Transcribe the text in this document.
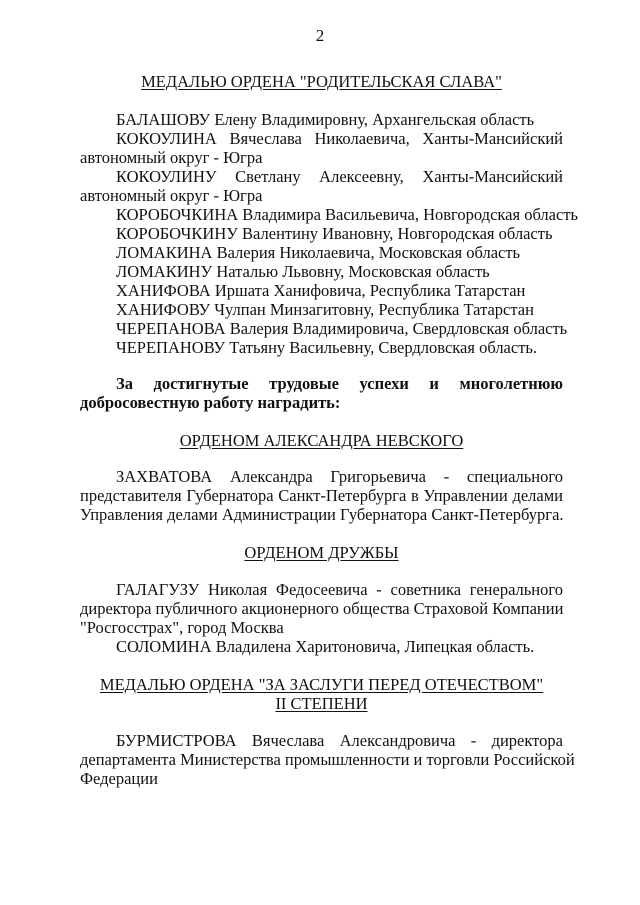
2
МЕДАЛЬЮ ОРДЕНА "РОДИТЕЛЬСКАЯ СЛАВА"
БАЛАШОВУ Елену Владимировну, Архангельская область
КОКОУЛИНА Вячеслава Николаевича, Ханты-Мансийский
автономный округ - Югра
КОКОУЛИНУ Светлану Алексеевну, Ханты-Мансийский
автономный округ - Югра
КОРОБОЧКИНА Владимира Васильевича, Новгородская область
КОРОБОЧКИНУ Валентину Ивановну, Новгородская область
ЛОМАКИНА Валерия Николаевича, Московская область
ЛОМАКИНУ Наталью Львовну, Московская область
ХАНИФОВА Иршата Ханифовича, Республика Татарстан
ХАНИФОВУ Чулпан Минзагитовну, Республика Татарстан
ЧЕРЕПАНОВА Валерия Владимировича, Свердловская область
ЧЕРЕПАНОВУ Татьяну Васильевну, Свердловская область.
За достигнутые трудовые успехи и многолетнюю
добросовестную работу наградить:
ОРДЕНОМ АЛЕКСАНДРА НЕВСКОГО
ЗАХВАТОВА Александра Григорьевича - специального
представителя Губернатора Санкт-Петербурга в Управлении делами
Управления делами Администрации Губернатора Санкт-Петербурга.
ОРДЕНОМ ДРУЖБЫ
ГАЛАГУЗУ Николая Федосеевича - советника генерального
директора публичного акционерного общества Страховой Компании
"Росгосстрах", город Москва
СОЛОМИНА Владилена Харитоновича, Липецкая область.
МЕДАЛЬЮ ОРДЕНА "ЗА ЗАСЛУГИ ПЕРЕД ОТЕЧЕСТВОМ"
II СТЕПЕНИ
БУРМИСТРОВА Вячеслава Александровича - директора
департамента Министерства промышленности и торговли Российской
Федерации
